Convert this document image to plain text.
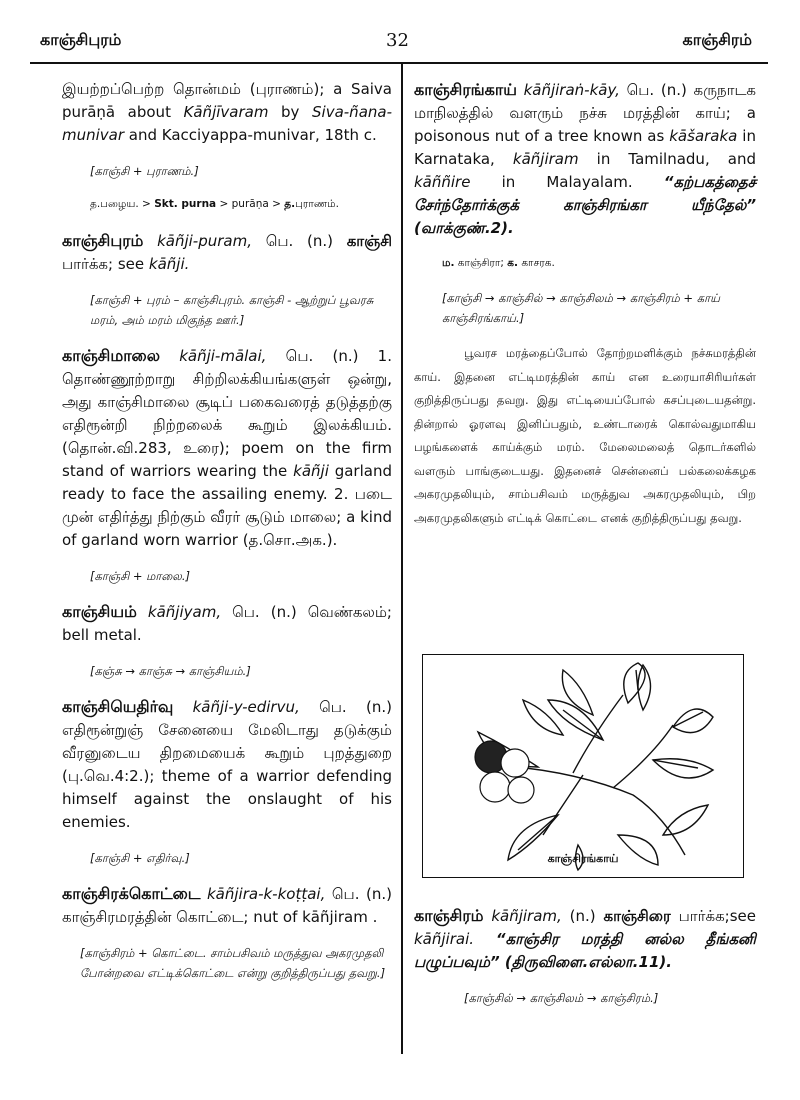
காஞ்சிபுரம்	32	காஞ்சிரம்

இயற்றப்பெற்ற தொன்மம் (புராணம்); a Saiva purāṇā about Kāñjīvaram by Siva-ñana-munivar and Kacciyappa-munivar, 18th c.

[காஞ்சி + புராணம்.]

த.பழைய. > Skt. purna > purāṇa > த.புராணம்.

காஞ்சிபுரம் kāñji-puram, பெ. (n.) காஞ்சி பார்க்க; see kāñji.

[காஞ்சி + புரம் – காஞ்சிபுரம். காஞ்சி - ஆற்றுப் பூவரசு மரம், அம் மரம் மிகுந்த ஊர்.]

காஞ்சிமாலை kāñji-mālai, பெ. (n.) 1. தொண்ணூற்றாறு சிற்றிலக்கியங்களுள் ஒன்று, அது காஞ்சிமாலை சூடிப் பகைவரைத் தடுத்தற்கு எதிரூன்றி நிற்றலைக் கூறும் இலக்கியம். (தொன்.வி.283, உரை); poem on the firm stand of warriors wearing the kāñji garland ready to face the assailing enemy. 2. படை முன் எதிர்த்து நிற்கும் வீரர் சூடும் மாலை; a kind of garland worn warrior (த.சொ.அக.).

[காஞ்சி + மாலை.]

காஞ்சியம் kāñjiyam, பெ. (n.) வெண்கலம்; bell metal.

[கஞ்சு → காஞ்சு → காஞ்சியம்.]

காஞ்சியெதிர்வு kāñji-y-edirvu, பெ. (n.) எதிரூன்றுஞ் சேனையை மேலிடாது தடுக்கும் வீரனுடைய திறமையைக் கூறும் புறத்துறை (பு.வெ.4:2.); theme of a warrior defending himself against the onslaught of his enemies.

[காஞ்சி + எதிர்வு.]

காஞ்சிரக்கொட்டை kāñjira-k-koṭṭai, பெ. (n.) காஞ்சிரமரத்தின் கொட்டை; nut of kāñjiram .

[காஞ்சிரம் + கொட்டை. சாம்பசிவம் மருத்துவ அகரமுதலி போன்றவை எட்டிக்கொட்டை என்று குறித்திருப்பது தவறு.]

காஞ்சிரங்காய் kāñjiraṅ-kāy, பெ. (n.) கருநாடக மாநிலத்தில் வளரும் நச்சு மரத்தின் காய்; a poisonous nut of a tree known as kāšaraka in Karnataka, kāñjiram in Tamilnadu, and kāññire in Malayalam. “கற்பகத்தைச் சேர்ந்தோர்க்குக் காஞ்சிரங்கா யீந்தேல்” (வாக்குண்.2).

ம. காஞ்சிரா; க. காசரக.

[காஞ்சி → காஞ்சில் → காஞ்சிலம் → காஞ்சிரம் + காய் காஞ்சிரங்காய்.]

பூவரச மரத்தைப்போல் தோற்றமளிக்கும் நச்சுமரத்தின் காய். இதனை எட்டிமரத்தின் காய் என உரையாசிரியர்கள் குறித்திருப்பது தவறு. இது எட்டியைப்போல் கசப்புடையதன்று. தின்றால் ஓரளவு இனிப்பதும், உண்டாரைக் கொல்வதுமாகிய பழங்களைக் காய்க்கும் மரம். மேலைமலைத் தொடர்களில் வளரும் பாங்குடையது. இதனைச் சென்னைப் பல்கலைக்கழக அகரமுதலியும், சாம்பசிவம் மருத்துவ அகரமுதலியும், பிற அகரமுதலிகளும் எட்டிக் கொட்டை எனக் குறித்திருப்பது தவறு.

காஞ்சிரங்காய்

காஞ்சிரம் kāñjiram, (n.) காஞ்சிரை பார்க்க;see kāñjirai. “காஞ்சிர மரத்தி னல்ல தீங்கனி பழுப்பவும்” (திருவிளை.எல்லா.11).

[காஞ்சில் → காஞ்சிலம் → காஞ்சிரம்.]
